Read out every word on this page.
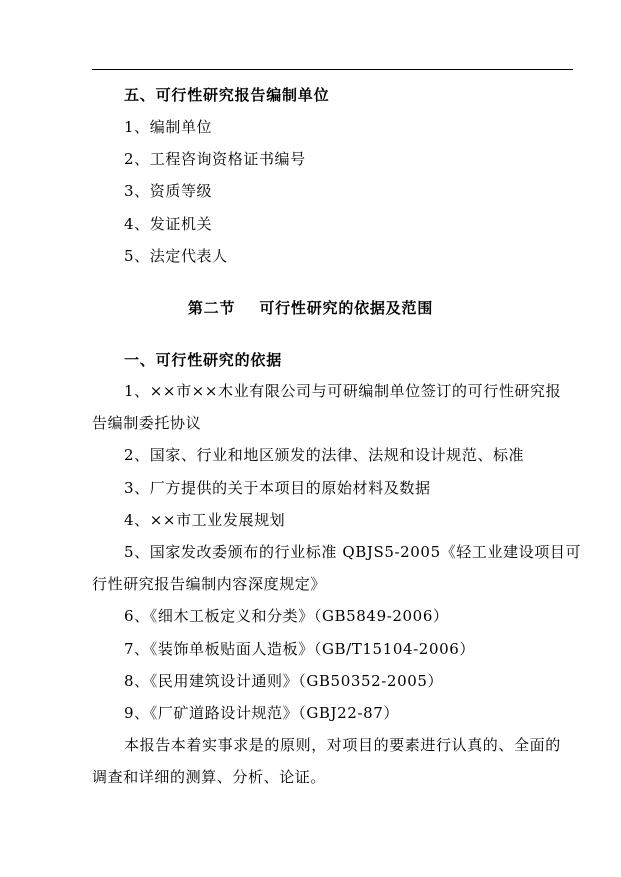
五、可行性研究报告编制单位
1、编制单位
2、工程咨询资格证书编号
3、资质等级
4、发证机关
5、法定代表人
第二节    可行性研究的依据及范围
一、可行性研究的依据
1、××市××木业有限公司与可研编制单位签订的可行性研究报
告编制委托协议
2、国家、行业和地区颁发的法律、法规和设计规范、标准
3、厂方提供的关于本项目的原始材料及数据
4、××市工业发展规划
5、国家发改委颁布的行业标准 QBJS5-2005《轻工业建设项目可
行性研究报告编制内容深度规定》
6、《细木工板定义和分类》（GB5849-2006）
7、《装饰单板贴面人造板》（GB/T15104-2006）
8、《民用建筑设计通则》（GB50352-2005）
9、《厂矿道路设计规范》（GBJ22-87）
本报告本着实事求是的原则，对项目的要素进行认真的、全面的
调查和详细的测算、分析、论证。
